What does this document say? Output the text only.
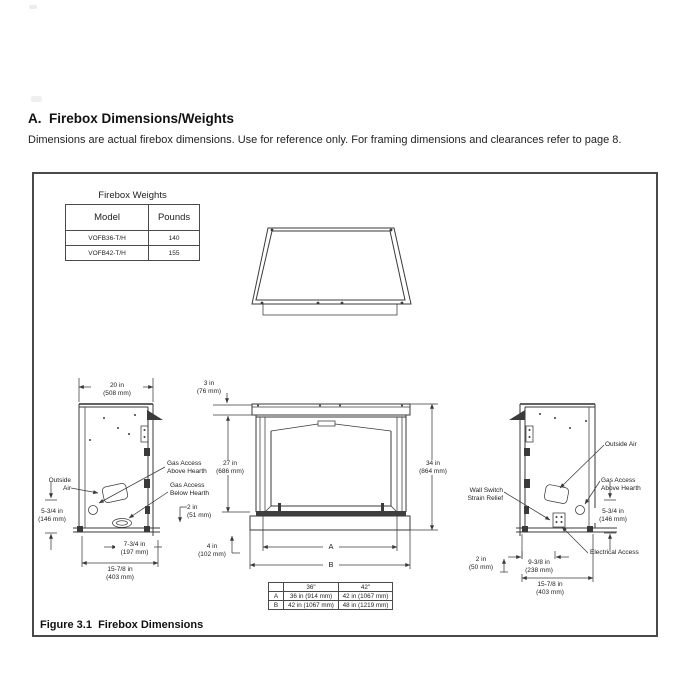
A.  Firebox Dimensions/Weights
Dimensions are actual firebox dimensions. Use for reference only. For framing dimensions and clearances refer to page 8.
Firebox Weights
Model	Pounds
VOFB36-T/H	140
VOFB42-T/H	155
20 in
(508 mm)
Outside
Air
Gas Access
Above Hearth
Gas Access
Below Hearth
5-3/4 in
(146 mm)
2 in
(51 mm)
7-3/4 in
(197 mm)
15-7/8 in
(403 mm)
3 in
(76 mm)
27 in
(686 mm)
34 in
(864 mm)
4 in
(102 mm)
A
B
Outside Air
Gas Access
Above Hearth
Wall Switch
Strain Relief
5-3/4 in
(146 mm)
Electrical Access
2 in
(50 mm)
9-3/8 in
(238 mm)
15-7/8 in
(403 mm)
	36"	42"
A	36 in (914 mm)	42 in (1067 mm)
B	42 in (1067 mm)	48 in (1219 mm)
Figure 3.1  Firebox Dimensions
